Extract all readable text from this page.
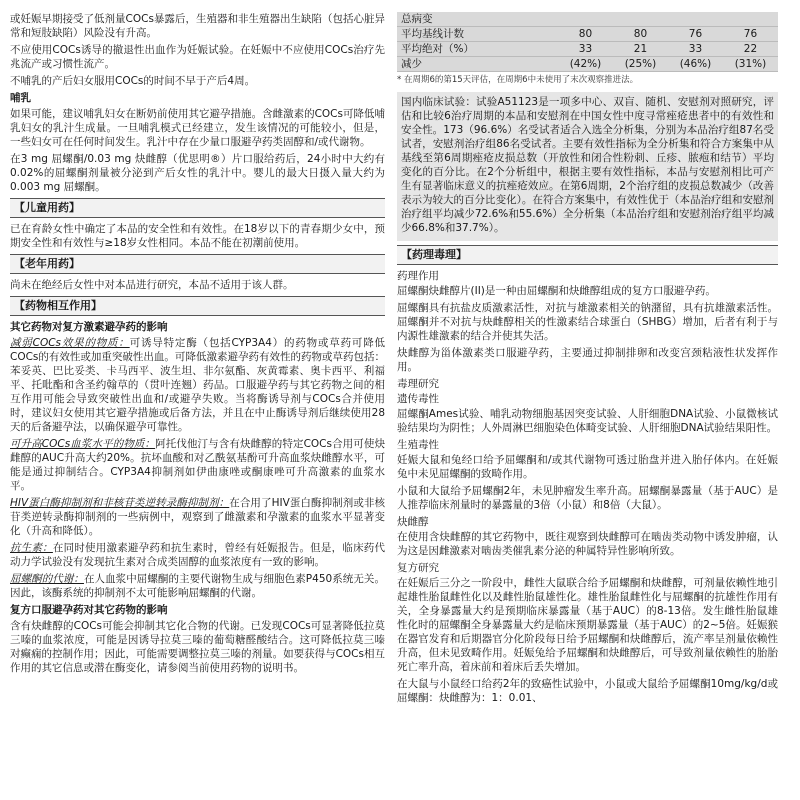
或妊娠早期接受了低剂量COCs暴露后，生殖器和非生殖器出生缺陷（包括心脏异常和短肢缺陷）风险没有升高。

不应使用COCs诱导的撤退性出血作为妊娠试验。在妊娠中不应使用COCs治疗先兆流产或习惯性流产。

不哺乳的产后妇女服用COCs的时间不早于产后4周。

哺乳

如果可能，建议哺乳妇女在断奶前使用其它避孕措施。含雌激素的COCs可降低哺乳妇女的乳汁生成量。一旦哺乳模式已经建立，发生该情况的可能较小，但是，一些妇女可在任何时间发生。乳汁中存在少量口服避孕药类固醇和/或代谢物。

在3 mg 屈螺酮/0.03 mg 炔雌醇（优思明®）片口服给药后，24小时中大约有0.02%的屈螺酮剂量被分泌到产后女性的乳汁中。婴儿的最大日摄入量大约为0.003 mg 屈螺酮。

【儿童用药】

已在育龄女性中确定了本品的安全性和有效性。在18岁以下的青春期少女中，预期安全性和有效性与≥18岁女性相同。本品不能在初潮前使用。

【老年用药】

尚未在绝经后女性中对本品进行研究，本品不适用于该人群。

【药物相互作用】
其它药物对复方激素避孕药的影响

减弱COCs效果的物质：可诱导特定酶（包括CYP3A4）的药物或草药可降低COCs的有效性或加重突破性出血。可降低激素避孕药有效性的药物或草药包括：苯妥英、巴比妥类、卡马西平、波生坦、非尔氨酯、灰黄霉素、奥卡西平、利福平、托吡酯和含圣约翰草的（贯叶连翘）药品。口服避孕药与其它药物之间的相互作用可能会导致突破性出血和/或避孕失败。当将酶诱导剂与COCs合并使用时，建议妇女使用其它避孕措施或后备方法，并且在中止酶诱导剂后继续使用28天的后备避孕法，以确保避孕可靠性。

可升高COCs血浆水平的物质：阿托伐他汀与含有炔雌醇的特定COCs合用可使炔雌醇的AUC升高大约20%。抗坏血酸和对乙酰氨基酚可升高血浆炔雌醇水平，可能是通过抑制结合。CYP3A4抑制剂如伊曲康唑或酮康唑可升高激素的血浆水平。

HIV蛋白酶抑制剂和非核苷类逆转录酶抑制剂：在合用了HIV蛋白酶抑制剂或非核苷类逆转录酶抑制剂的一些病例中，观察到了雌激素和孕激素的血浆水平显著变化（升高和降低）。

抗生素：在同时使用激素避孕药和抗生素时，曾经有妊娠报告。但是，临床药代动力学试验没有发现抗生素对合成类固醇的血浆浓度有一致的影响。

屈螺酮的代谢：在人血浆中屈螺酮的主要代谢物生成与细胞色素P450系统无关。因此，该酶系统的抑制剂不太可能影响屈螺酮的代谢。

复方口服避孕药对其它药物的影响

含有炔雌醇的COCs可能会抑制其它化合物的代谢。已发现COCs可显著降低拉莫三嗪的血浆浓度，可能是因诱导拉莫三嗪的葡萄糖醛酸结合。这可降低拉莫三嗪对癫痫的控制作用；因此，可能需要调整拉莫三嗪的剂量。如要获得与COCs相互作用的其它信息或潜在酶变化，请参阅当前使用药物的说明书。

总病变				
平均基线计数	80	80	76	76
平均绝对（%）	33	21	33	22
减少	(42%)	(25%)	(46%)	(31%)
* 在周期6的第15天评估，在周期6中未使用了末次观察推进法。

国内临床试验：试验A51123是一项多中心、双盲、随机、安慰剂对照研究，评估和比较6治疗周期的本品和安慰剂在中国女性中度寻常痤疮患者中的有效性和安全性。173（96.6%）名受试者适合入选全分析集，分别为本品治疗组87名受试者，安慰剂治疗组86名受试者。主要有效性指标为全分析集和符合方案集中从基线至第6周期痤疮皮损总数（开放性和闭合性粉刺、丘疹、脓疱和结节）平均变化的百分比。在2个分析组中，根据主要有效性指标，本品与安慰剂相比可产生有显著临床意义的抗痤疮效应。在第6周期，2个治疗组的皮损总数减少（改善表示为较大的百分比变化）。在符合方案集中，有效性优于（本品治疗组和安慰剂治疗组平均减少72.6%和55.6%）全分析集（本品治疗组和安慰剂治疗组平均减少66.8%和37.7%）。

【药理毒理】
药理作用

屈螺酮炔雌醇片(II)是一种由屈螺酮和炔雌醇组成的复方口服避孕药。

屈螺酮具有抗盐皮质激素活性，对抗与雄激素相关的钠潴留，具有抗雄激素活性。屈螺酮并不对抗与炔雌醇相关的性激素结合球蛋白（SHBG）增加，后者有利于与内源性雄激素的结合并使其失活。

炔雌醇为甾体激素类口服避孕药，主要通过抑制排卵和改变宫颈粘液性状发挥作用。

毒理研究
遗传毒性

屈螺酮Ames试验、哺乳动物细胞基因突变试验、人肝细胞DNA试验、小鼠微核试验结果均为阴性；人外周淋巴细胞染色体畸变试验、人肝细胞DNA试验结果阳性。

生殖毒性

妊娠大鼠和兔经口给予屈螺酮和/或其代谢物可透过胎盘并进入胎仔体内。在妊娠兔中未见屈螺酮的致畸作用。

小鼠和大鼠给予屈螺酮2年，未见肿瘤发生率升高。屈螺酮暴露量（基于AUC）是人推荐临床剂量时的暴露量的3倍（小鼠）和8倍（大鼠）。

炔雌醇

在使用含炔雌醇的其它药物中，既往观察到炔雌醇可在啮齿类动物中诱发肿瘤，认为这是因雌激素对啮齿类催乳素分泌的种属特异性影响所致。

复方研究

在妊娠后三分之一阶段中，雌性大鼠联合给予屈螺酮和炔雌醇，可剂量依赖性地引起雄性胎鼠雌性化以及雌性胎鼠雄性化。雄性胎鼠雌性化与屈螺酮的抗雄性作用有关，全身暴露量大约是预期临床暴露量（基于AUC）的8-13倍。发生雌性胎鼠雄性化时的屈螺酮全身暴露量大约是临床预期暴露量（基于AUC）的2~5倍。妊娠猴在器官发育和后期器官分化阶段每日给予屈螺酮和炔雌醇后，流产率呈剂量依赖性升高，但未见致畸作用。妊娠兔给予屈螺酮和炔雌醇后，可导致剂量依赖性的胎胎死亡率升高，着床前和着床后丢失增加。

在大鼠与小鼠经口给药2年的致癌性试验中，小鼠或大鼠给予屈螺酮10mg/kg/d或屈螺酮：炔雌醇为：1：0.01、
